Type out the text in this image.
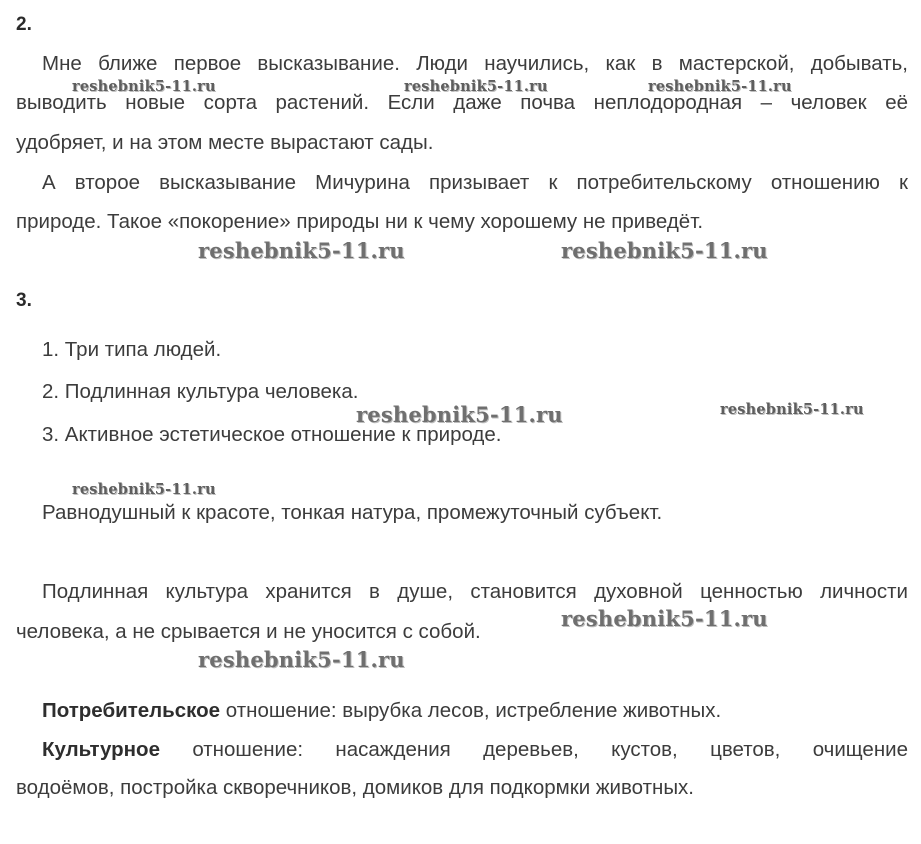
2.
Мне ближе первое высказывание. Люди научились, как в мастерской, добывать,
выводить новые сорта растений. Если даже почва неплодородная – человек её
удобряет, и на этом месте вырастают сады.
А второе высказывание Мичурина призывает к потребительскому отношению к
природе. Такое «покорение» природы ни к чему хорошему не приведёт.
3.
1. Три типа людей.
2. Подлинная культура человека.
3. Активное эстетическое отношение к природе.
Равнодушный к красоте, тонкая натура, промежуточный субъект.
Подлинная культура хранится в душе, становится духовной ценностью личности
человека, а не срывается и не уносится с собой.
Потребительское отношение: вырубка лесов, истребление животных.
Культурное отношение: насаждения деревьев, кустов, цветов, очищение
водоёмов, постройка скворечников, домиков для подкормки животных.
reshebnik5-11.ru	reshebnik5-11.ru	reshebnik5-11.ru
reshebnik5-11.ru	reshebnik5-11.ru
reshebnik5-11.ru	reshebnik5-11.ru
reshebnik5-11.ru
reshebnik5-11.ru
reshebnik5-11.ru
